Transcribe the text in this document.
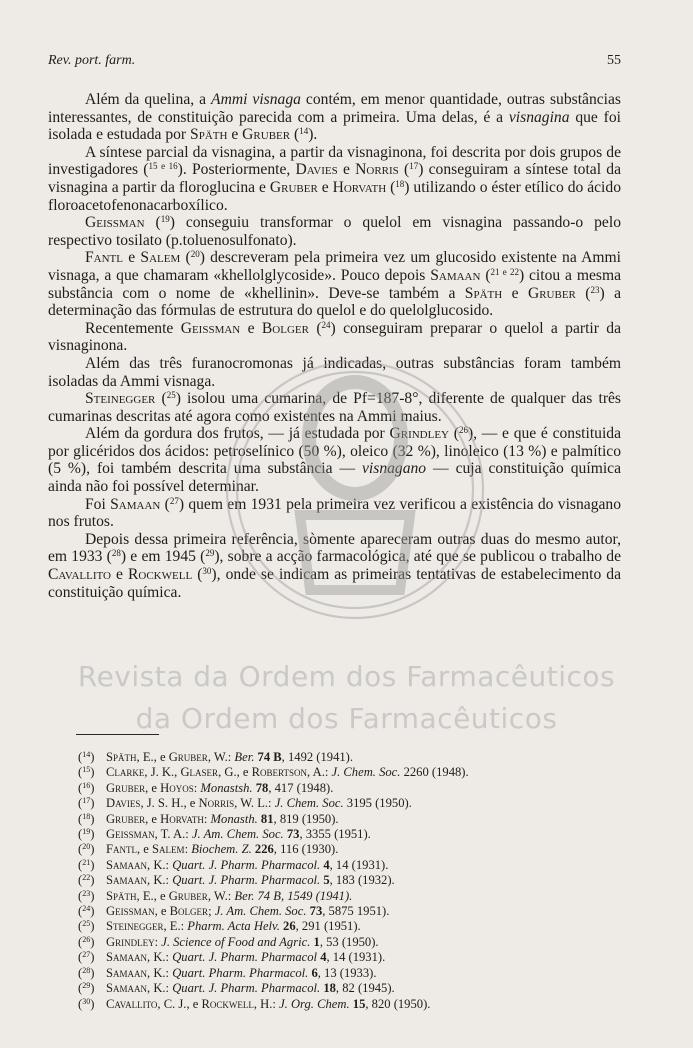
Rev. port. farm.	55

Além da quelina, a Ammi visnaga contém, em menor quantidade, outras substâncias interessantes, de constituição parecida com a primeira. Uma delas, é a visnagina que foi isolada e estudada por Späth e Gruber ($^{14}$).

A síntese parcial da visnagina, a partir da visnaginona, foi descrita por dois grupos de investigadores ($^{15 e 16}$). Posteriormente, Davies e Norris ($^{17}$) conseguiram a síntese total da visnagina a partir da floroglucina e Gruber e Horvath ($^{18}$) utilizando o éster etílico do ácido floroacetofenonacarboxílico.

Geissman ($^{19}$) conseguiu transformar o quelol em visnagina passando-o pelo respectivo tosilato (p.toluenosulfonato).

Fantl e Salem ($^{20}$) descreveram pela primeira vez um glucosido existente na Ammi visnaga, a que chamaram «khellolglycoside». Pouco depois Samaan ($^{21 e 22}$) citou a mesma substância com o nome de «khellinin». Deve-se também a Späth e Gruber ($^{23}$) a determinação das fórmulas de estrutura do quelol e do quelolglucosido.

Recentemente Geissman e Bolger ($^{24}$) conseguiram preparar o quelol a partir da visnaginona.

Além das três furanocromonas já indicadas, outras substâncias foram também isoladas da Ammi visnaga.

Steinegger ($^{25}$) isolou uma cumarina, de Pf=187-8°, diferente de qualquer das três cumarinas descritas até agora como existentes na Ammi maius.

Além da gordura dos frutos, — já estudada por Grindley ($^{26}$), — e que é constituida por glicéridos dos ácidos: petroselínico (50 %), oleico (32 %), linoleico (13 %) e palmítico (5 %), foi também descrita uma substância — visnagano — cuja constituição química ainda não foi possível determinar.

Foi Samaan ($^{27}$) quem em 1931 pela primeira vez verificou a existência do visnagano nos frutos.

Depois dessa primeira referência, sòmente apareceram outras duas do mesmo autor, em 1933 ($^{28}$) e em 1945 ($^{29}$), sobre a acção farmacológica, até que se publicou o trabalho de Cavallito e Rockwell ($^{30}$), onde se indicam as primeiras tentativas de estabelecimento da constituição química.

($^{14}$) Späth, E., e Gruber, W.: Ber. 74 B, 1492 (1941).
($^{15}$) Clarke, J. K., Glaser, G., e Robertson, A.: J. Chem. Soc. 2260 (1948).
($^{16}$) Gruber, e Hoyos: Monastsh. 78, 417 (1948).
($^{17}$) Davies, J. S. H., e Norris, W. L.: J. Chem. Soc. 3195 (1950).
($^{18}$) Gruber, e Horvath: Monasth. 81, 819 (1950).
($^{19}$) Geissman, T. A.: J. Am. Chem. Soc. 73, 3355 (1951).
($^{20}$) Fantl, e Salem: Biochem. Z. 226, 116 (1930).
($^{21}$) Samaan, K.: Quart. J. Pharm. Pharmacol. 4, 14 (1931).
($^{22}$) Samaan, K.: Quart. J. Pharm. Pharmacol. 5, 183 (1932).
($^{23}$) Späth, E., e Gruber, W.: Ber. 74 B, 1549 (1941).
($^{24}$) Geissman, e Bolger; J. Am. Chem. Soc. 73, 5875 1951).
($^{25}$) Steinegger, E.: Pharm. Acta Helv. 26, 291 (1951).
($^{26}$) Grindley: J. Science of Food and Agric. 1, 53 (1950).
($^{27}$) Samaan, K.: Quart. J. Pharm. Pharmacol 4, 14 (1931).
($^{28}$) Samaan, K.: Quart. Pharm. Pharmacol. 6, 13 (1933).
($^{29}$) Samaan, K.: Quart. J. Pharm. Pharmacol. 18, 82 (1945).
($^{30}$) Cavallito, C. J., e Rockwell, H.: J. Org. Chem. 15, 820 (1950).
Revista da Ordem dos Farmacêuticos
da Ordem dos Farmacêuticos
